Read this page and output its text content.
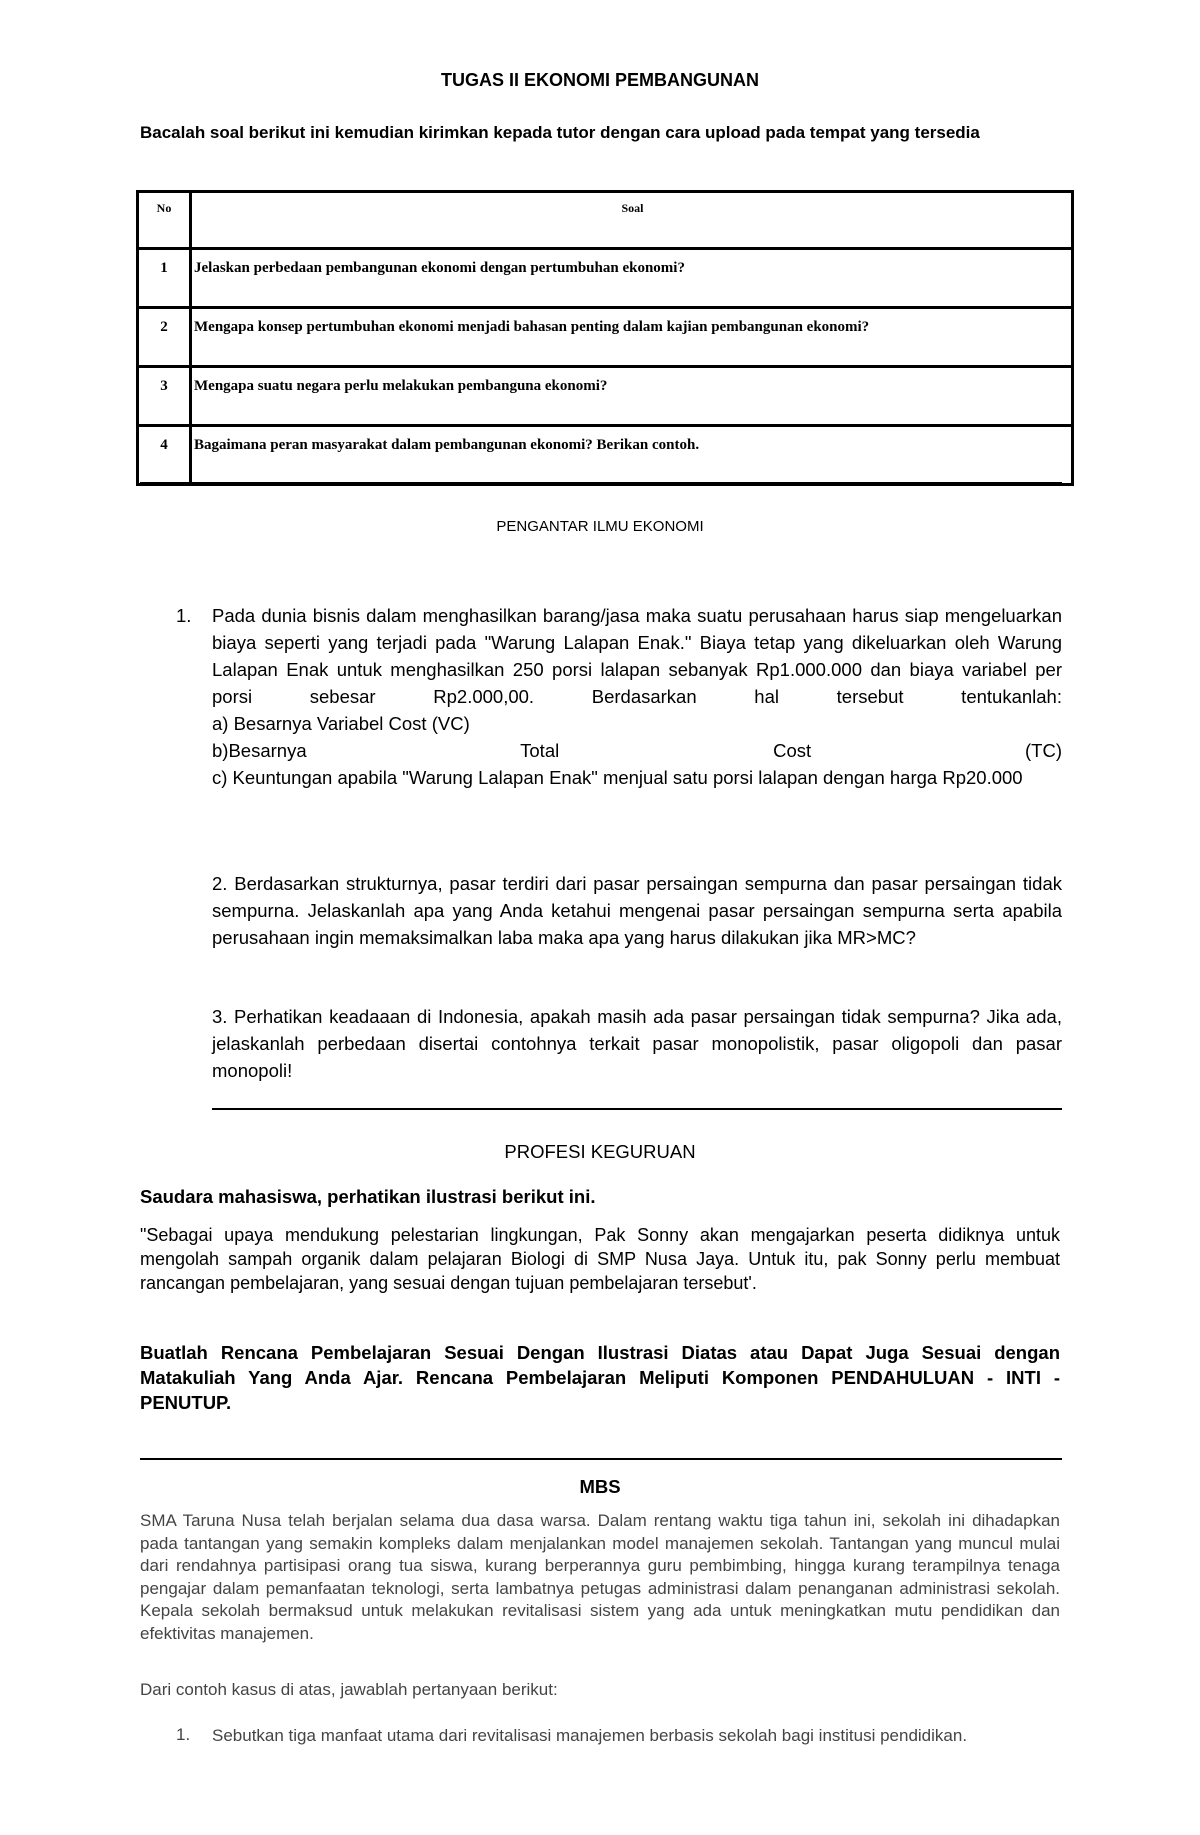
TUGAS II EKONOMI PEMBANGUNAN
Bacalah soal berikut ini kemudian kirimkan kepada tutor dengan cara upload pada tempat yang tersedia
No	Soal
1	Jelaskan perbedaan pembangunan ekonomi dengan pertumbuhan ekonomi?
2	Mengapa konsep pertumbuhan ekonomi menjadi bahasan penting dalam kajian pembangunan ekonomi?
3	Mengapa suatu negara perlu melakukan pembanguna ekonomi?
4	Bagaimana peran masyarakat dalam pembangunan ekonomi? Berikan contoh.
PENGANTAR ILMU EKONOMI
1. Pada dunia bisnis dalam menghasilkan barang/jasa maka suatu perusahaan harus siap mengeluarkan biaya seperti yang terjadi pada "Warung Lalapan Enak." Biaya tetap yang dikeluarkan oleh Warung Lalapan Enak untuk menghasilkan 250 porsi lalapan sebanyak Rp1.000.000 dan biaya variabel per porsi sebesar Rp2.000,00. Berdasarkan hal tersebut tentukanlah:
a) Besarnya Variabel Cost (VC)
b)Besarnya Total Cost (TC)
c) Keuntungan apabila "Warung Lalapan Enak" menjual satu porsi lalapan dengan harga Rp20.000
2. Berdasarkan strukturnya, pasar terdiri dari pasar persaingan sempurna dan pasar persaingan tidak sempurna. Jelaskanlah apa yang Anda ketahui mengenai pasar persaingan sempurna serta apabila perusahaan ingin memaksimalkan laba maka apa yang harus dilakukan jika MR>MC?
3. Perhatikan keadaaan di Indonesia, apakah masih ada pasar persaingan tidak sempurna? Jika ada, jelaskanlah perbedaan disertai contohnya terkait pasar monopolistik, pasar oligopoli dan pasar monopoli!
PROFESI KEGURUAN
Saudara mahasiswa, perhatikan ilustrasi berikut ini.
"Sebagai upaya mendukung pelestarian lingkungan, Pak Sonny akan mengajarkan peserta didiknya untuk mengolah sampah organik dalam pelajaran Biologi di SMP Nusa Jaya. Untuk itu, pak Sonny perlu membuat rancangan pembelajaran, yang sesuai dengan tujuan pembelajaran tersebut'.
Buatlah Rencana Pembelajaran Sesuai Dengan Ilustrasi Diatas atau Dapat Juga Sesuai dengan Matakuliah Yang Anda Ajar. Rencana Pembelajaran Meliputi Komponen PENDAHULUAN - INTI - PENUTUP.
MBS
SMA Taruna Nusa telah berjalan selama dua dasa warsa. Dalam rentang waktu tiga tahun ini, sekolah ini dihadapkan pada tantangan yang semakin kompleks dalam menjalankan model manajemen sekolah. Tantangan yang muncul mulai dari rendahnya partisipasi orang tua siswa, kurang berperannya guru pembimbing, hingga kurang terampilnya tenaga pengajar dalam pemanfaatan teknologi, serta lambatnya petugas administrasi dalam penanganan administrasi sekolah. Kepala sekolah bermaksud untuk melakukan revitalisasi sistem yang ada untuk meningkatkan mutu pendidikan dan efektivitas manajemen.
Dari contoh kasus di atas, jawablah pertanyaan berikut:
1. Sebutkan tiga manfaat utama dari revitalisasi manajemen berbasis sekolah bagi institusi pendidikan.
